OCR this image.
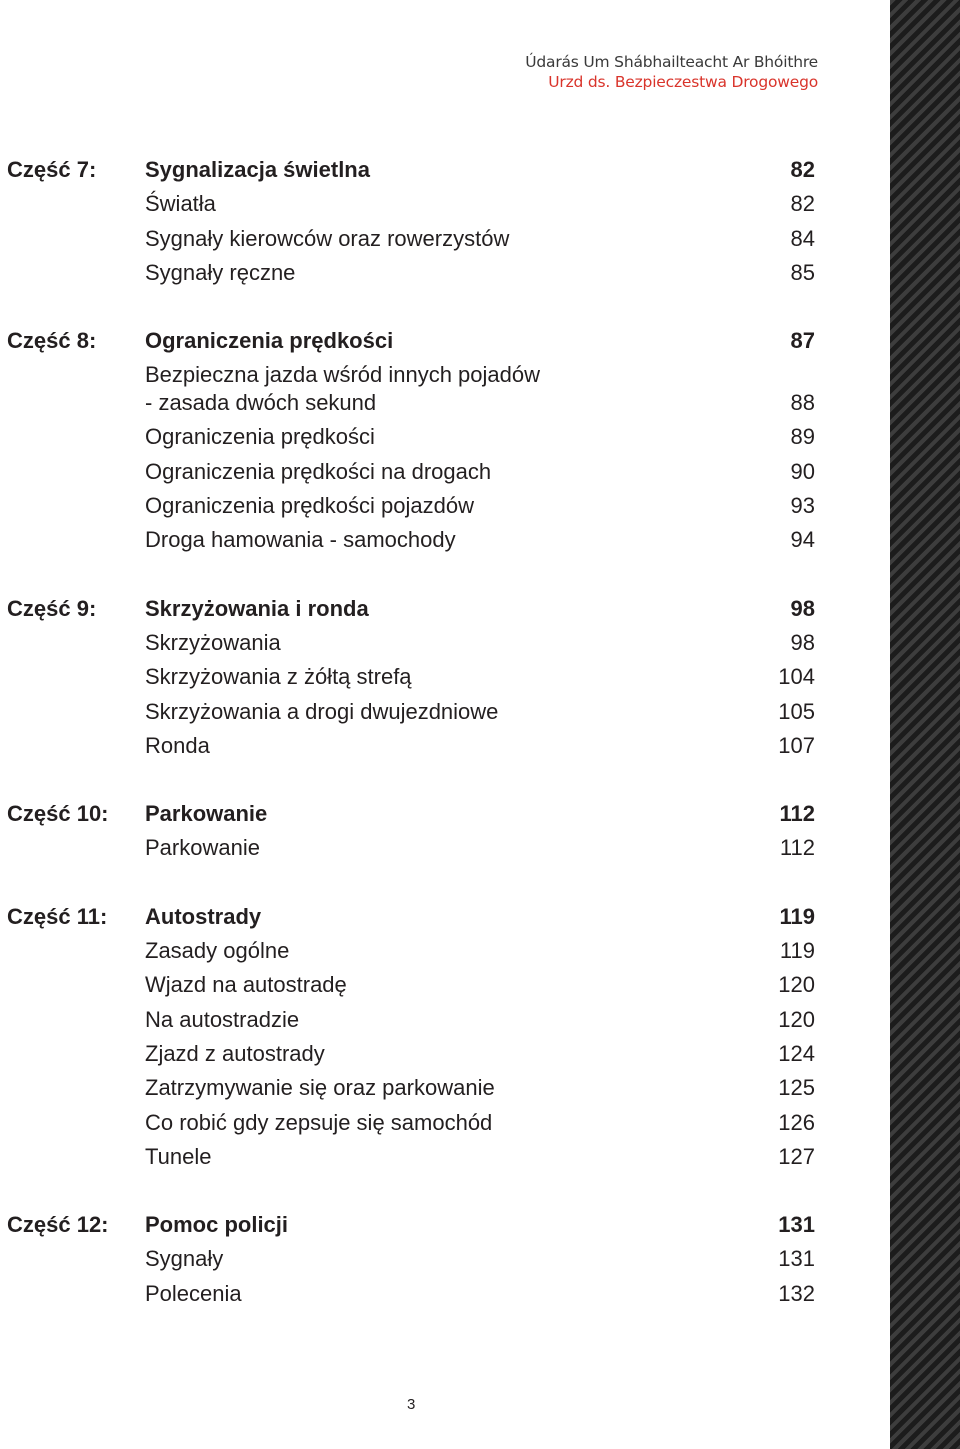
Údarás Um Shábhailteacht Ar Bhóithre
Urzd ds. Bezpieczestwa Drogowego
Część 7: Sygnalizacja świetlna	82
Światła	82
Sygnały kierowców oraz rowerzystów	84
Sygnały ręczne	85
Część 8: Ograniczenia prędkości	87
Bezpieczna jazda wśród innych pojadów
- zasada dwóch sekund	88
Ograniczenia prędkości	89
Ograniczenia prędkości na drogach	90
Ograniczenia prędkości pojazdów	93
Droga hamowania - samochody	94
Część 9: Skrzyżowania i ronda	98
Skrzyżowania	98
Skrzyżowania z żółtą strefą	104
Skrzyżowania a drogi dwujezdniowe	105
Ronda	107
Część 10: Parkowanie	112
Parkowanie	112
Część 11: Autostrady	119
Zasady ogólne	119
Wjazd na autostradę	120
Na autostradzie	120
Zjazd z autostrady	124
Zatrzymywanie się oraz parkowanie	125
Co robić gdy zepsuje się samochód	126
Tunele	127
Część 12: Pomoc policji	131
Sygnały	131
Polecenia	132
3
